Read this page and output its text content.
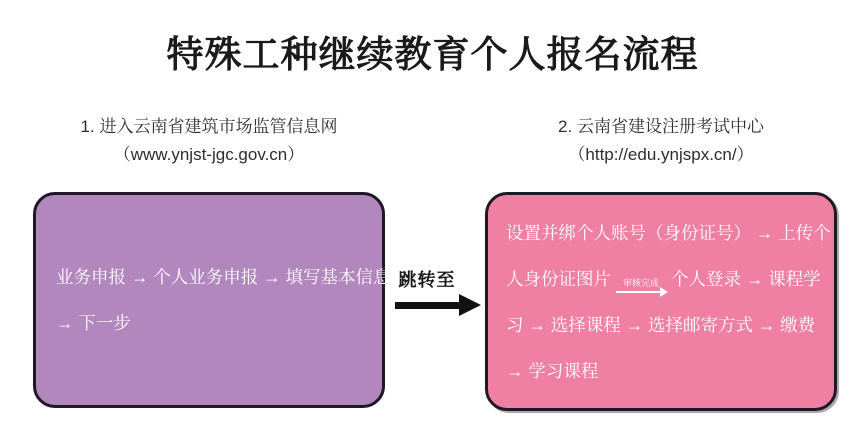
特殊工种继续教育个人报名流程
1. 进入云南省建筑市场监管信息网
（www.ynjst-jgc.gov.cn）
业务申报 → 个人业务申报 → 填写基本信息
→ 下一步
跳转至
2. 云南省建设注册考试中心
（http://edu.ynjspx.cn/）
设置并绑个人账号（身份证号） → 上传个
人身份证图片 审核完成 个人登录 → 课程学
习 → 选择课程 → 选择邮寄方式 → 缴费
→ 学习课程
